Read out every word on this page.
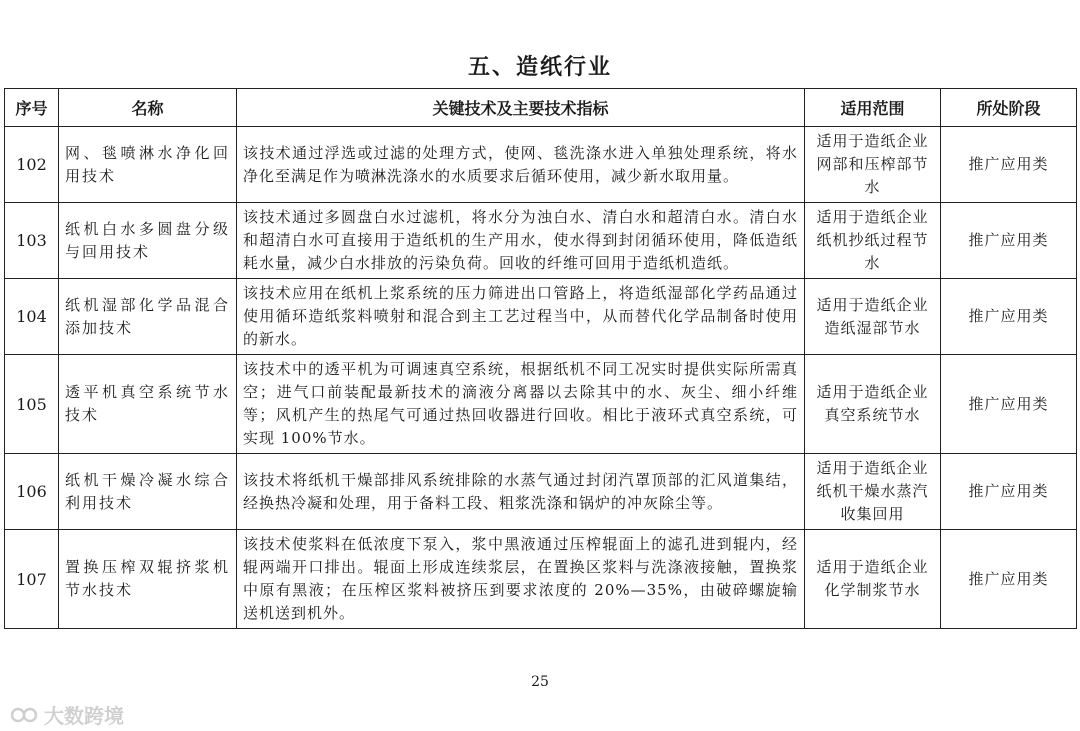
五、造纸行业
序号	名称	关键技术及主要技术指标	适用范围	所处阶段
102	网、毯喷淋水净化回用技术	该技术通过浮选或过滤的处理方式，使网、毯洗涤水进入单独处理系统，将水净化至满足作为喷淋洗涤水的水质要求后循环使用，减少新水取用量。	适用于造纸企业网部和压榨部节水	推广应用类
103	纸机白水多圆盘分级与回用技术	该技术通过多圆盘白水过滤机，将水分为浊白水、清白水和超清白水。清白水和超清白水可直接用于造纸机的生产用水，使水得到封闭循环使用，降低造纸耗水量，减少白水排放的污染负荷。回收的纤维可回用于造纸机造纸。	适用于造纸企业纸机抄纸过程节水	推广应用类
104	纸机湿部化学品混合添加技术	该技术应用在纸机上浆系统的压力筛进出口管路上，将造纸湿部化学药品通过使用循环造纸浆料喷射和混合到主工艺过程当中，从而替代化学品制备时使用的新水。	适用于造纸企业造纸湿部节水	推广应用类
105	透平机真空系统节水技术	该技术中的透平机为可调速真空系统，根据纸机不同工况实时提供实际所需真空；进气口前装配最新技术的滴液分离器以去除其中的水、灰尘、细小纤维等；风机产生的热尾气可通过热回收器进行回收。相比于液环式真空系统，可实现 100%节水。	适用于造纸企业真空系统节水	推广应用类
106	纸机干燥冷凝水综合利用技术	该技术将纸机干燥部排风系统排除的水蒸气通过封闭汽罩顶部的汇风道集结，经换热冷凝和处理，用于备料工段、粗浆洗涤和锅炉的冲灰除尘等。	适用于造纸企业纸机干燥水蒸汽收集回用	推广应用类
107	置换压榨双辊挤浆机节水技术	该技术使浆料在低浓度下泵入，浆中黑液通过压榨辊面上的滤孔进到辊内，经辊两端开口排出。辊面上形成连续浆层，在置换区浆料与洗涤液接触，置换浆中原有黑液；在压榨区浆料被挤压到要求浓度的 20%—35%，由破碎螺旋输送机送到机外。	适用于造纸企业化学制浆节水	推广应用类
25
大数跨境
